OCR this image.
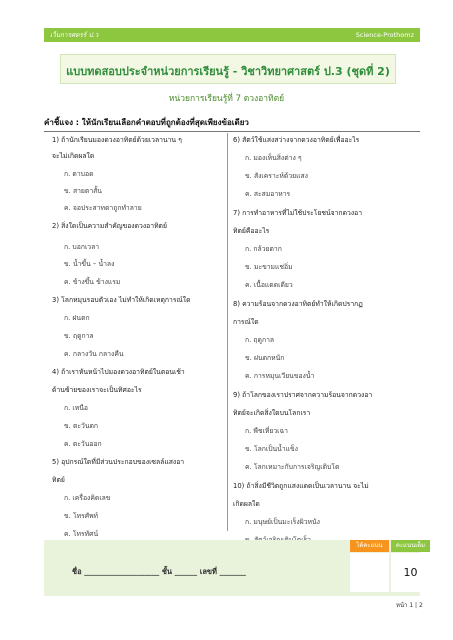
เว็บการศตรร์ ป.ว	Science-Prothomz
แบบทดสอบประจำหน่วยการเรียนรู้ - วิชาวิทยาศาสตร์ ป.3 (ชุดที่ 2)
หน่วยการเรียนรู้ที่ 7 ดวงอาทิตย์
คำชี้แจง : ให้นักเรียนเลือกคำตอบที่ถูกต้องที่สุดเพียงข้อเดียว
1) ถ้านักเรียนมองดวงอาทิตย์ด้วยเวลานาน ๆ
จะไม่เกิดผลใด
ก. ตาบอด
ข. สายตาสั้น
ค. จอประสาทตาถูกทำลาย
2) สิ่งใดเป็นความสำคัญของดวงอาทิตย์
ก. บอกเวลา
ข. น้ำขึ้น – น้ำลง
ค. ข้างขึ้น ข้างแรม
3) โลกหมุนรอบตัวเอง ไม่ทำให้เกิดเหตุการณ์ใด
ก. ฝนตก
ข. ฤดูกาล
ค. กลางวัน กลางคืน
4) ถ้าเราหันหน้าไปมองดวงอาทิตย์ในตอนเช้า
ด้านซ้ายของเราจะเป็นทิศอะไร
ก. เหนือ
ข. ตะวันตก
ค. ตะวันออก
5) อุปกรณ์ใดที่มีส่วนประกอบของเซลล์แสงอา
ทิตย์
ก. เครื่องคิดเลข
ข. โทรศัพท์
ค. โทรทัศน์
6) สัตว์ใช้แสงสว่างจากดวงอาทิตย์เพื่ออะไร
ก. มองเห็นสิ่งต่าง ๆ
ข. สังเคราะห์ด้วยแสง
ค. สะสมอาหาร
7) การทำอาหารที่ไม่ใช้ประโยชน์จากดวงอา
ทิตย์คืออะไร
ก. กล้วยตาก
ข. มะขามแช่อิ่ม
ค. เนื้อแดดเดียว
8) ความร้อนจากดวงอาทิตย์ทำให้เกิดปรากฏ
การณ์ใด
ก. ฤดูกาล
ข. ฝนตกหนัก
ค. การหมุนเวียนของน้ำ
9) ถ้าโลกของเราปราศจากความร้อนจากดวงอา
ทิตย์จะเกิดสิ่งใดบนโลกเรา
ก. พืชเหี่ยวเฉา
ข. โลกเป็นน้ำแข็ง
ค. โลกเหมาะกับการเจริญเติบโต
10) ถ้าสิ่งมีชีวิตถูกแสงแดดเป็นเวลานาน จะไม่
เกิดผลใด
ก. มนุษย์เป็นมะเร็งผิวหนัง
ชื่อ ____________________ ชั้น ______ เลขที่ _______
ได้คะแนน	คะแนนเต็ม
10
หน้า 1 | 2
